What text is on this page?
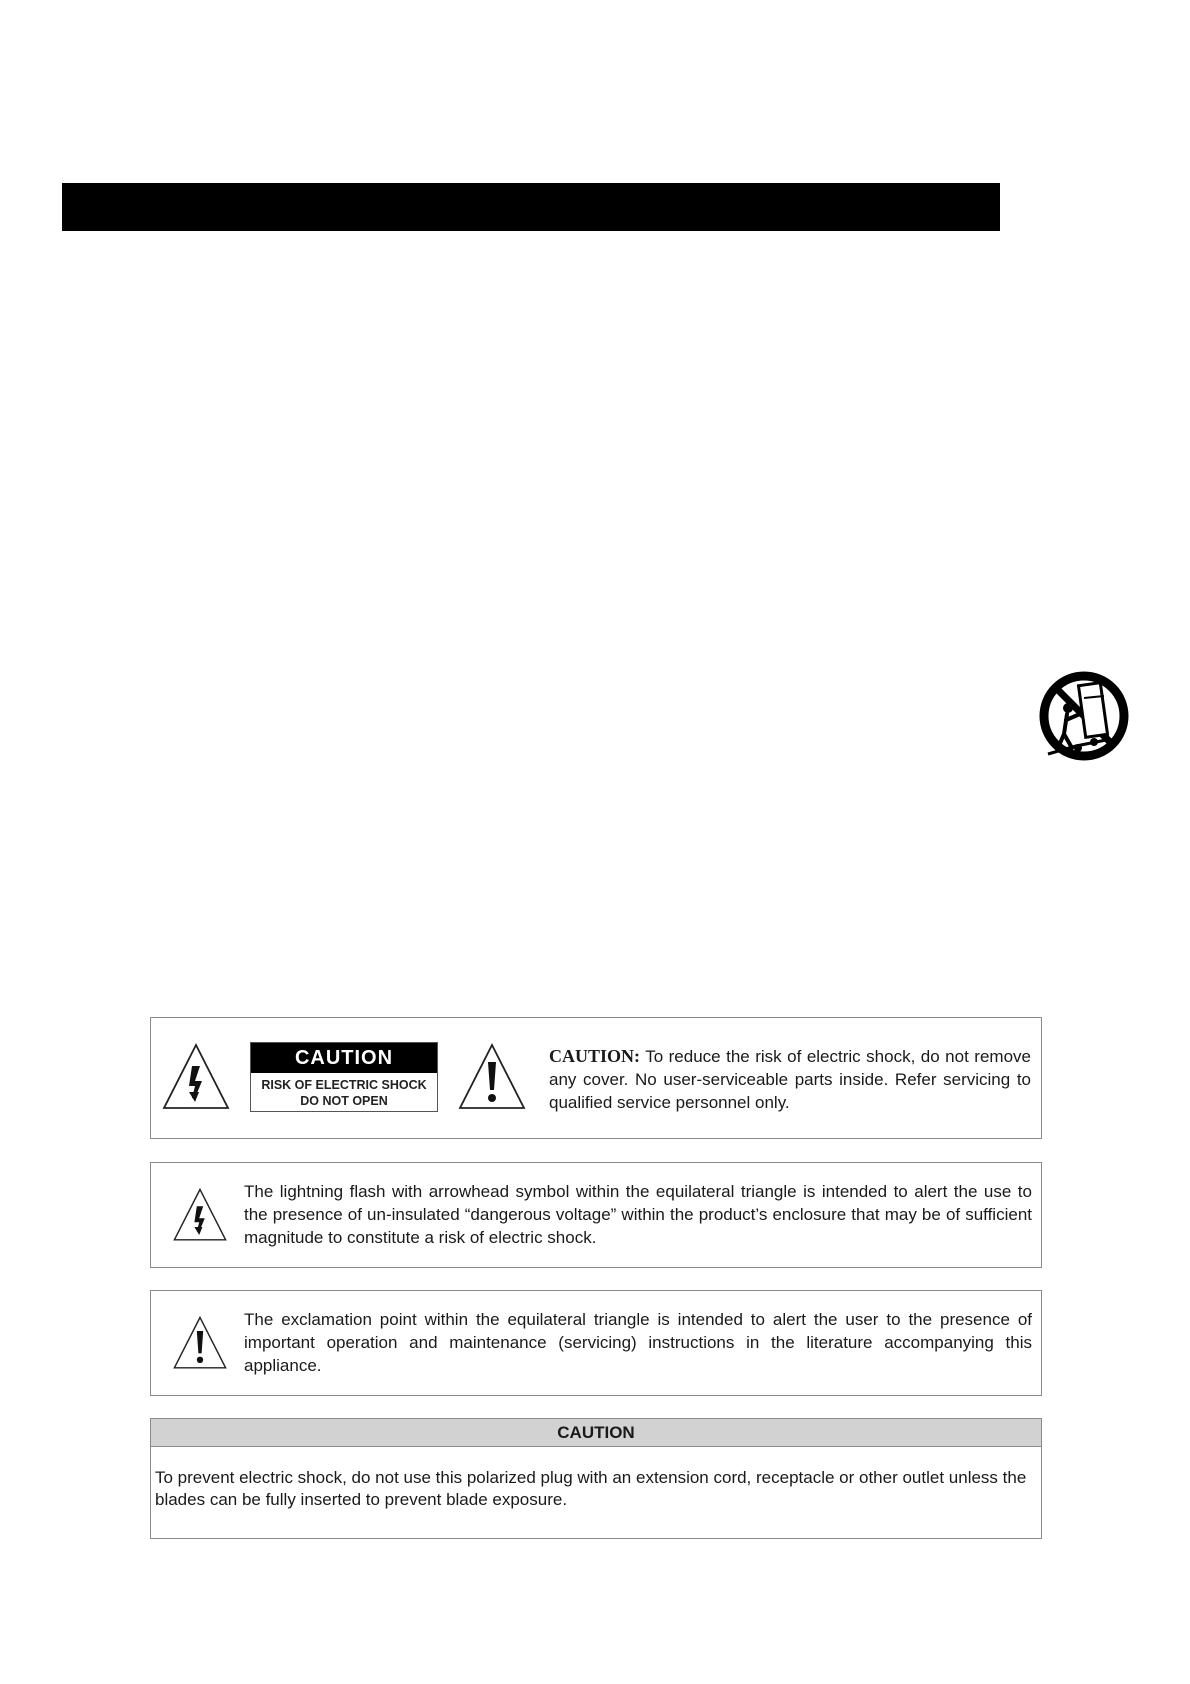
CAUTION
RISK OF ELECTRIC SHOCK
DO NOT OPEN
CAUTION: To reduce the risk of electric shock, do not remove any cover. No user-serviceable parts inside. Refer servicing to qualified service personnel only.
The lightning flash with arrowhead symbol within the equilateral triangle is intended to alert the use to the presence of un-insulated “dangerous voltage” within the product’s enclosure that may be of sufficient magnitude to constitute a risk of electric shock.
The exclamation point within the equilateral triangle is intended to alert the user to the presence of important operation and maintenance (servicing) instructions in the literature accompanying this appliance.
CAUTION
To prevent electric shock, do not use this polarized plug with an extension cord, receptacle or other outlet unless the blades can be fully inserted to prevent blade exposure.
